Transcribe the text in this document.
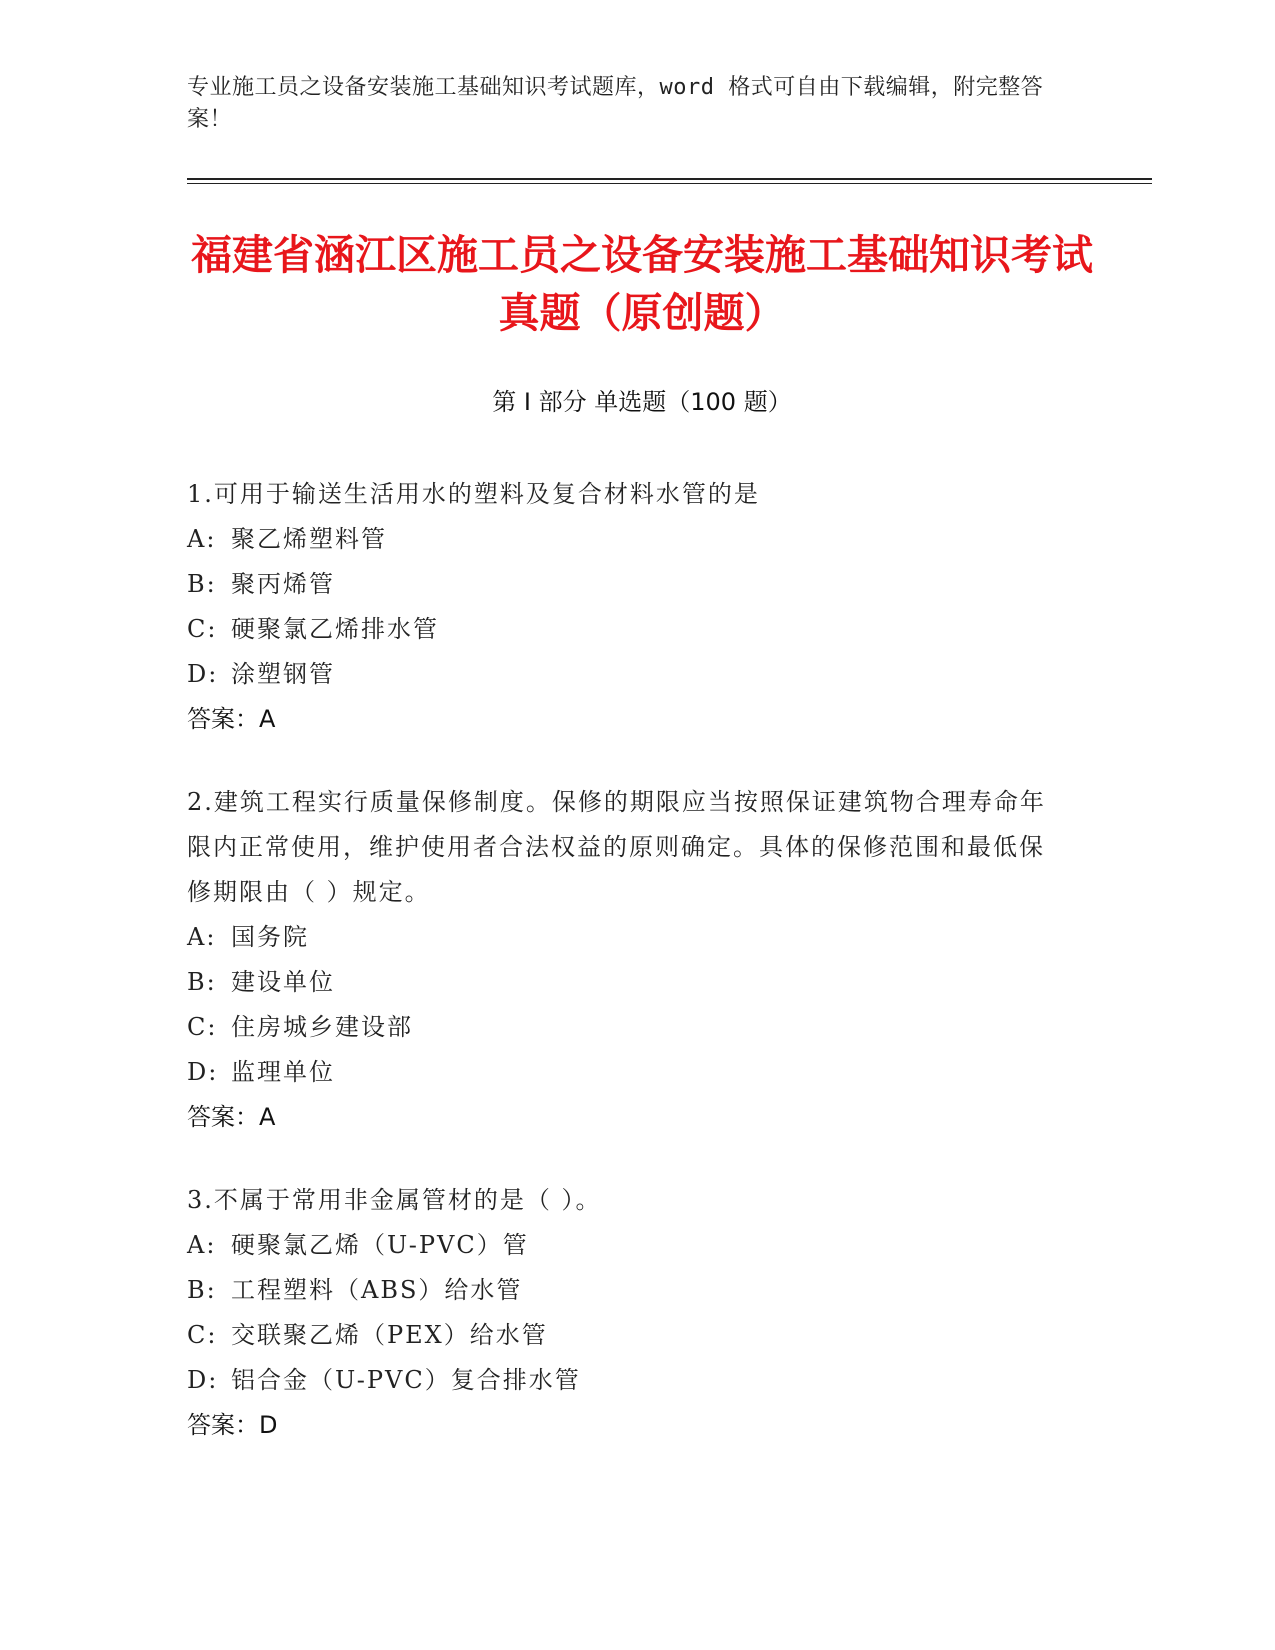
专业施工员之设备安装施工基础知识考试题库，word 格式可自由下载编辑，附完整答案！
福建省涵江区施工员之设备安装施工基础知识考试真题（原创题）
第 I 部分 单选题（100 题）
1.可用于输送生活用水的塑料及复合材料水管的是
A: 聚乙烯塑料管
B: 聚丙烯管
C: 硬聚氯乙烯排水管
D: 涂塑钢管
答案：A
2.建筑工程实行质量保修制度。保修的期限应当按照保证建筑物合理寿命年限内正常使用，维护使用者合法权益的原则确定。具体的保修范围和最低保修期限由（ ）规定。
A: 国务院
B: 建设单位
C: 住房城乡建设部
D: 监理单位
答案：A
3.不属于常用非金属管材的是（ ）。
A: 硬聚氯乙烯（U-PVC）管
B: 工程塑料（ABS）给水管
C: 交联聚乙烯（PEX）给水管
D: 铝合金（U-PVC）复合排水管
答案：D
